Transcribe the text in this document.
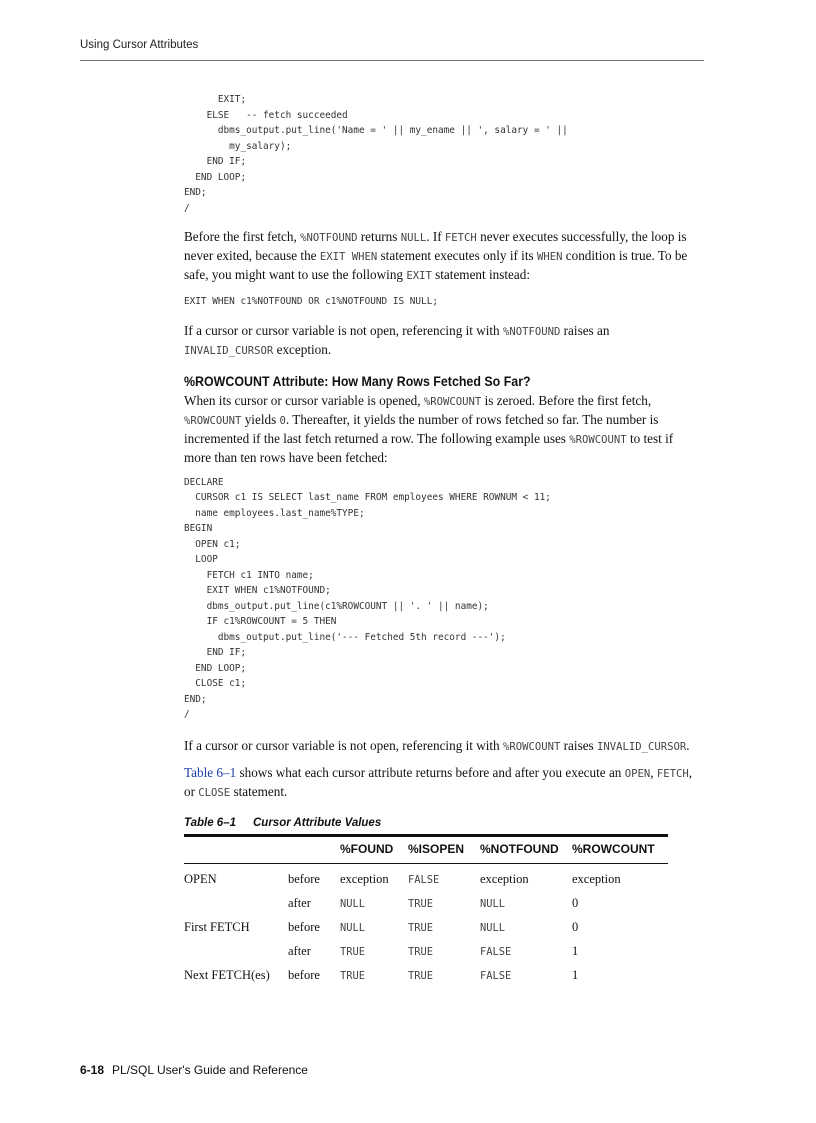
Using Cursor Attributes
EXIT;
ELSE   -- fetch succeeded
dbms_output.put_line('Name = ' || my_ename || ', salary = ' ||
my_salary);
END IF;
END LOOP;
END;
/

Before the first fetch, %NOTFOUND returns NULL. If FETCH never executes successfully, the loop is never exited, because the EXIT WHEN statement executes only if its WHEN condition is true. To be safe, you might want to use the following EXIT statement instead:

EXIT WHEN c1%NOTFOUND OR c1%NOTFOUND IS NULL;

If a cursor or cursor variable is not open, referencing it with %NOTFOUND raises an INVALID_CURSOR exception.

%ROWCOUNT Attribute: How Many Rows Fetched So Far?

When its cursor or cursor variable is opened, %ROWCOUNT is zeroed. Before the first fetch, %ROWCOUNT yields 0. Thereafter, it yields the number of rows fetched so far. The number is incremented if the last fetch returned a row. The following example uses %ROWCOUNT to test if more than ten rows have been fetched:

DECLARE
CURSOR c1 IS SELECT last_name FROM employees WHERE ROWNUM < 11;
name employees.last_name%TYPE;
BEGIN
OPEN c1;
LOOP
FETCH c1 INTO name;
EXIT WHEN c1%NOTFOUND;
dbms_output.put_line(c1%ROWCOUNT || '. ' || name);
IF c1%ROWCOUNT = 5 THEN
dbms_output.put_line('--- Fetched 5th record ---');
END IF;
END LOOP;
CLOSE c1;
END;
/

If a cursor or cursor variable is not open, referencing it with %ROWCOUNT raises INVALID_CURSOR.

Table 6–1 shows what each cursor attribute returns before and after you execute an OPEN, FETCH, or CLOSE statement.

Table 6–1 Cursor Attribute Values
		%FOUND	%ISOPEN	%NOTFOUND	%ROWCOUNT
OPEN	before	exception	FALSE	exception	exception
	after	NULL	TRUE	NULL	0
First FETCH	before	NULL	TRUE	NULL	0
	after	TRUE	TRUE	FALSE	1
Next FETCH(es)	before	TRUE	TRUE	FALSE	1
6-18 PL/SQL User's Guide and Reference
